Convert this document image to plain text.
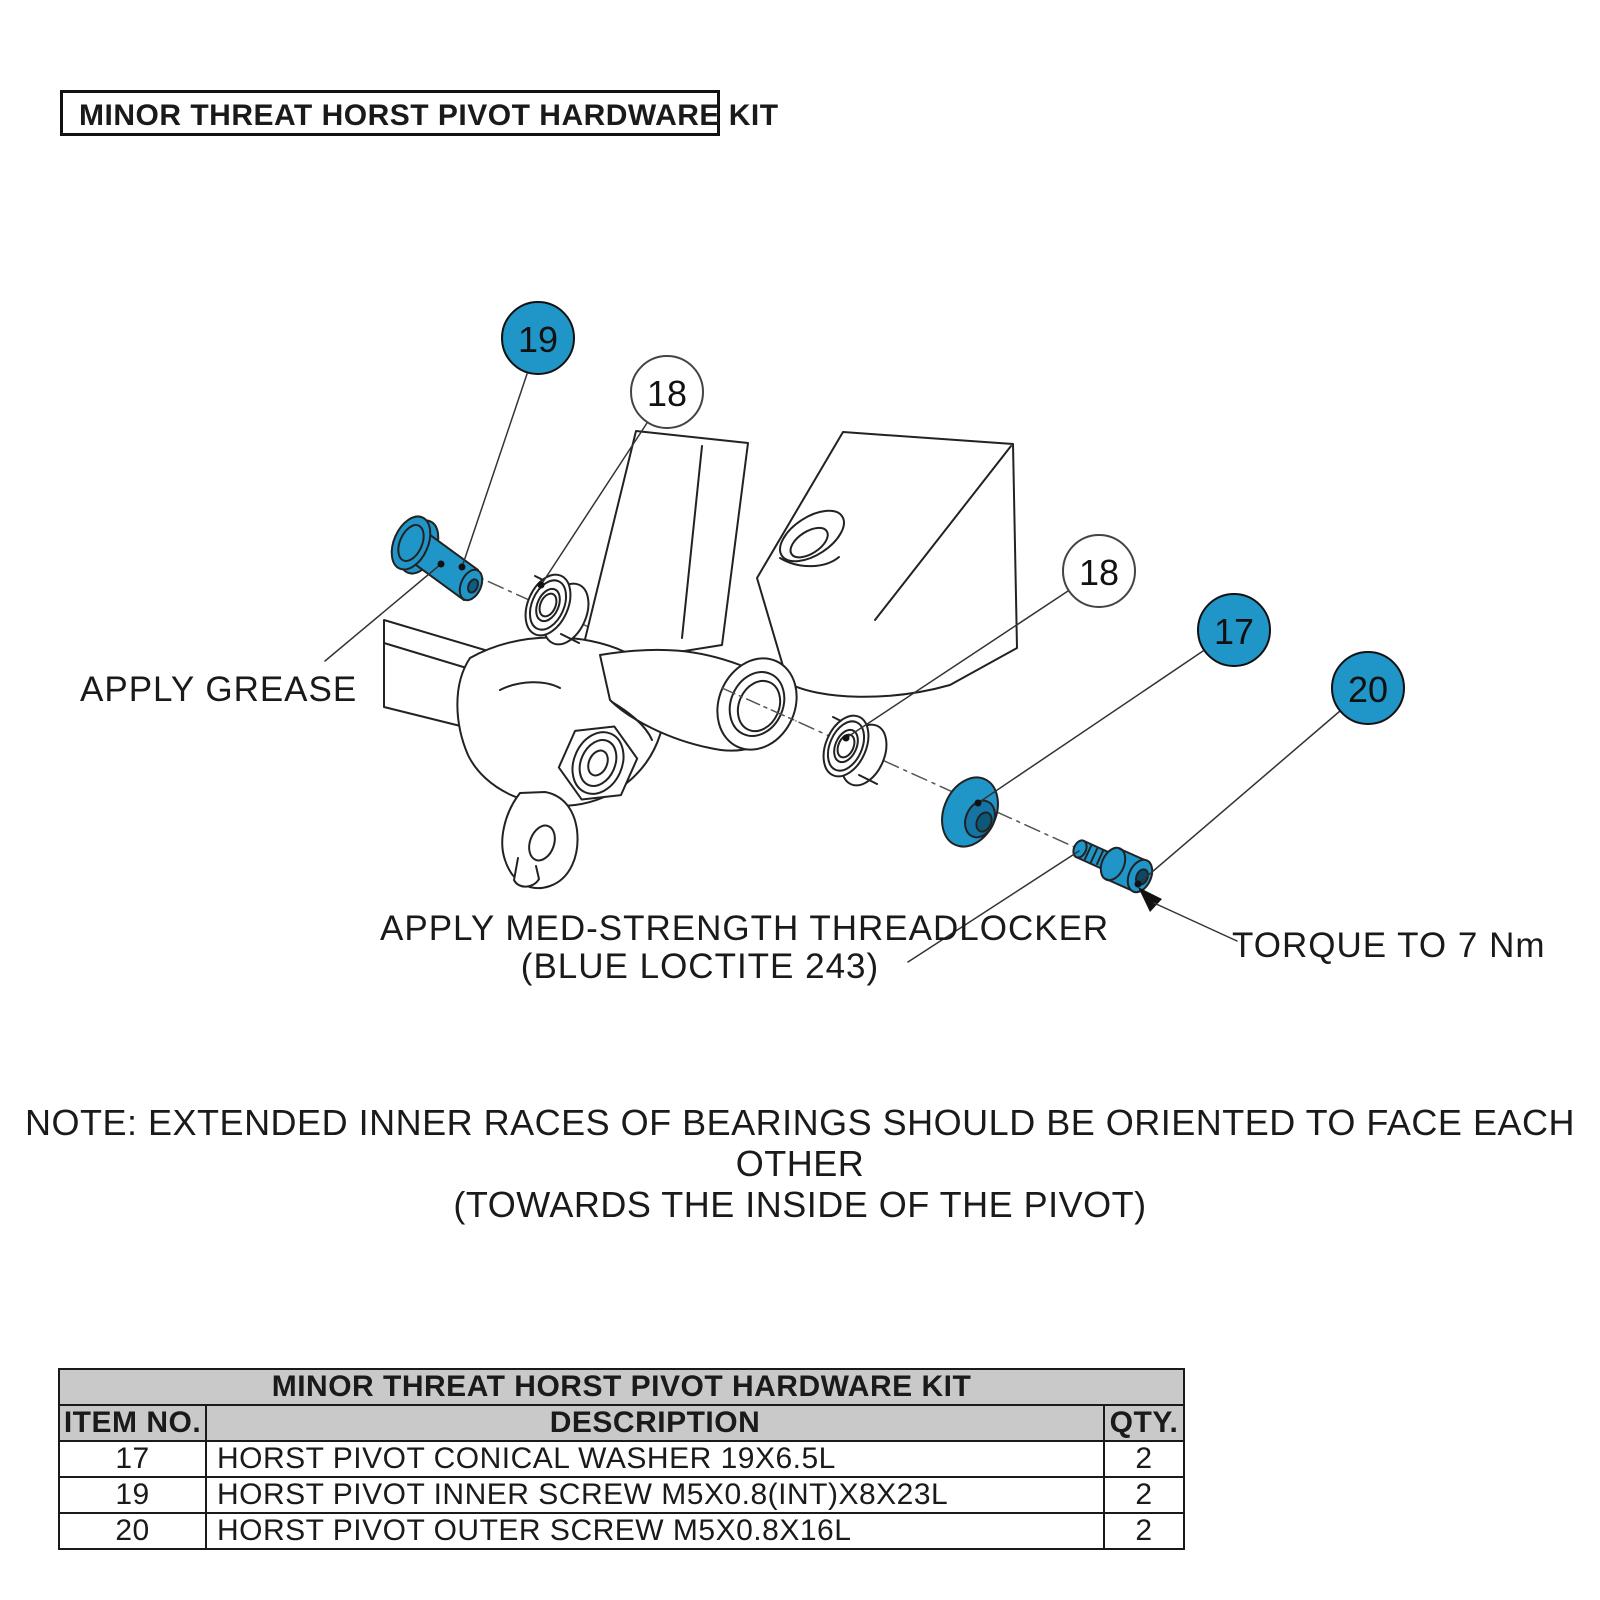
MINOR THREAT HORST PIVOT HARDWARE KIT
19
18
18
17
20
APPLY GREASE
APPLY MED-STRENGTH THREADLOCKER
(BLUE LOCTITE 243)
TORQUE TO 7 Nm
NOTE: EXTENDED INNER RACES OF BEARINGS SHOULD BE ORIENTED TO FACE EACH OTHER
(TOWARDS THE INSIDE OF THE PIVOT)
MINOR THREAT HORST PIVOT HARDWARE KIT		
ITEM NO.	DESCRIPTION	QTY.
17	HORST PIVOT CONICAL WASHER 19X6.5L	2
19	HORST PIVOT INNER SCREW M5X0.8(INT)X8X23L	2
20	HORST PIVOT OUTER SCREW M5X0.8X16L	2
